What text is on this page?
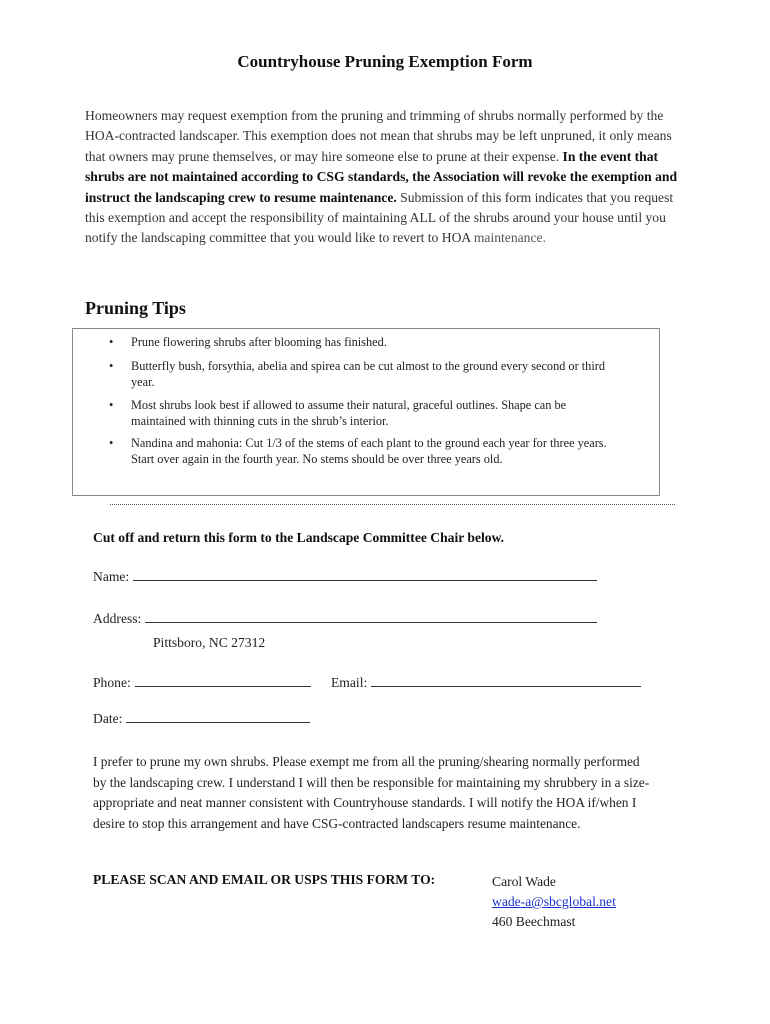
Countryhouse Pruning Exemption Form
Homeowners may request exemption from the pruning and trimming of shrubs normally performed by the HOA-contracted landscaper. This exemption does not mean that shrubs may be left unpruned, it only means that owners may prune themselves, or may hire someone else to prune at their expense. In the event that shrubs are not maintained according to CSG standards, the Association will revoke the exemption and instruct the landscaping crew to resume maintenance. Submission of this form indicates that you request this exemption and accept the responsibility of maintaining ALL of the shrubs around your house until you notify the landscaping committee that you would like to revert to HOA maintenance.
Pruning Tips
• Prune flowering shrubs after blooming has finished.
• Butterfly bush, forsythia, abelia and spirea can be cut almost to the ground every second or third year.
• Most shrubs look best if allowed to assume their natural, graceful outlines. Shape can be maintained with thinning cuts in the shrub’s interior.
• Nandina and mahonia: Cut 1/3 of the stems of each plant to the ground each year for three years. Start over again in the fourth year. No stems should be over three years old.
Cut off and return this form to the Landscape Committee Chair below.
Name:
Address:
Pittsboro, NC 27312
Phone:	Email:
Date:
I prefer to prune my own shrubs. Please exempt me from all the pruning/shearing normally performed by the landscaping crew. I understand I will then be responsible for maintaining my shrubbery in a size-appropriate and neat manner consistent with Countryhouse standards. I will notify the HOA if/when I desire to stop this arrangement and have CSG-contracted landscapers resume maintenance.
PLEASE SCAN AND EMAIL OR USPS THIS FORM TO:	Carol Wade
wade-a@sbcglobal.net
460 Beechmast
